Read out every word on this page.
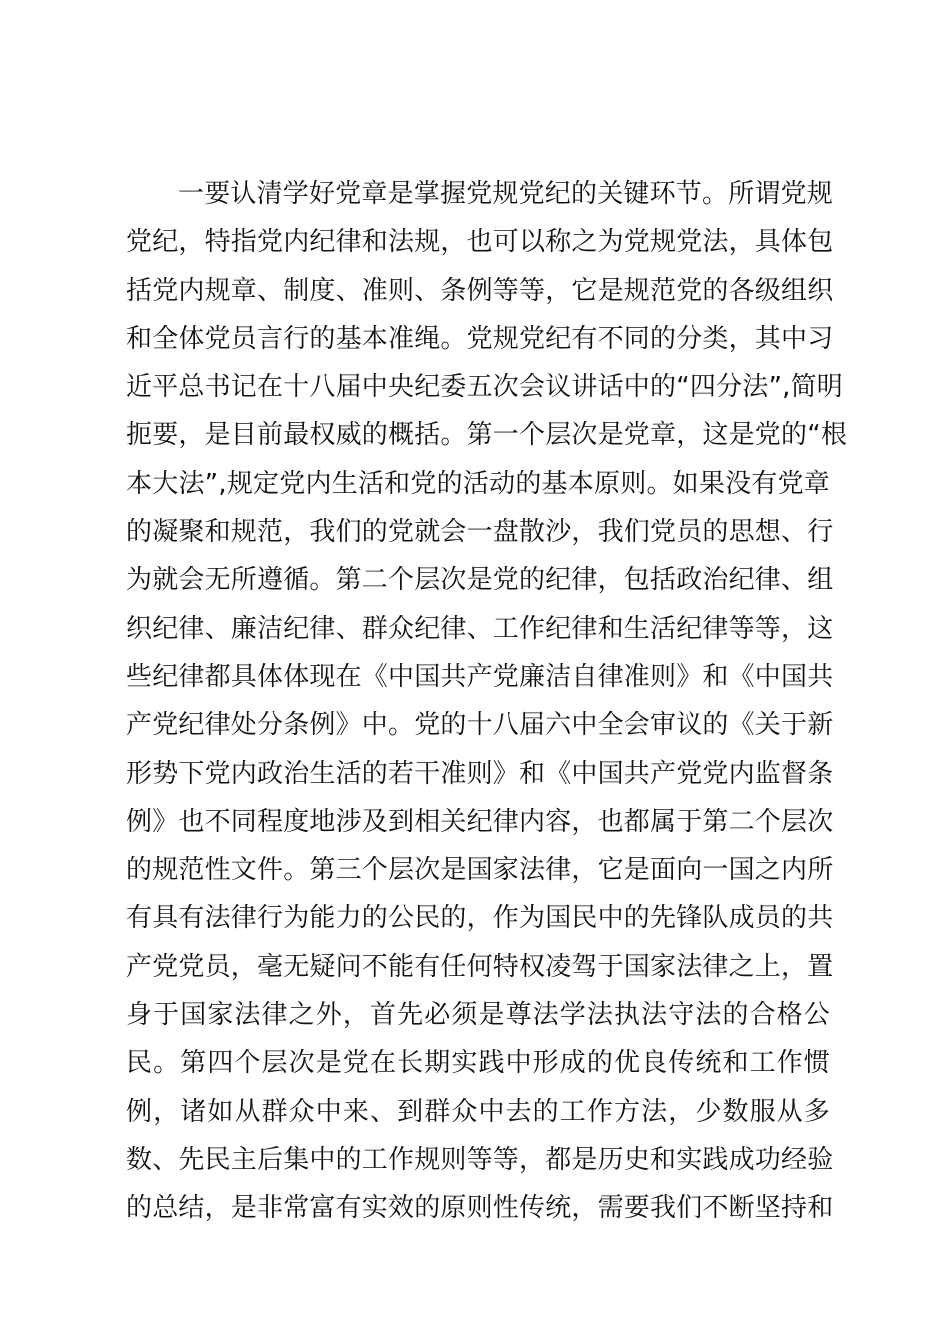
一要认清学好党章是掌握党规党纪的关键环节。所谓党规
党纪，特指党内纪律和法规，也可以称之为党规党法，具体包
括党内规章、制度、准则、条例等等，它是规范党的各级组织
和全体党员言行的基本准绳。党规党纪有不同的分类，其中习
近平总书记在十八届中央纪委五次会议讲话中的“四分法”,简明
扼要，是目前最权威的概括。第一个层次是党章，这是党的“根
本大法”,规定党内生活和党的活动的基本原则。如果没有党章
的凝聚和规范，我们的党就会一盘散沙，我们党员的思想、行
为就会无所遵循。第二个层次是党的纪律，包括政治纪律、组
织纪律、廉洁纪律、群众纪律、工作纪律和生活纪律等等，这
些纪律都具体体现在《中国共产党廉洁自律准则》和《中国共
产党纪律处分条例》中。党的十八届六中全会审议的《关于新
形势下党内政治生活的若干准则》和《中国共产党党内监督条
例》也不同程度地涉及到相关纪律内容，也都属于第二个层次
的规范性文件。第三个层次是国家法律，它是面向一国之内所
有具有法律行为能力的公民的，作为国民中的先锋队成员的共
产党党员，毫无疑问不能有任何特权凌驾于国家法律之上，置
身于国家法律之外，首先必须是尊法学法执法守法的合格公
民。第四个层次是党在长期实践中形成的优良传统和工作惯
例，诸如从群众中来、到群众中去的工作方法，少数服从多
数、先民主后集中的工作规则等等，都是历史和实践成功经验
的总结，是非常富有实效的原则性传统，需要我们不断坚持和
